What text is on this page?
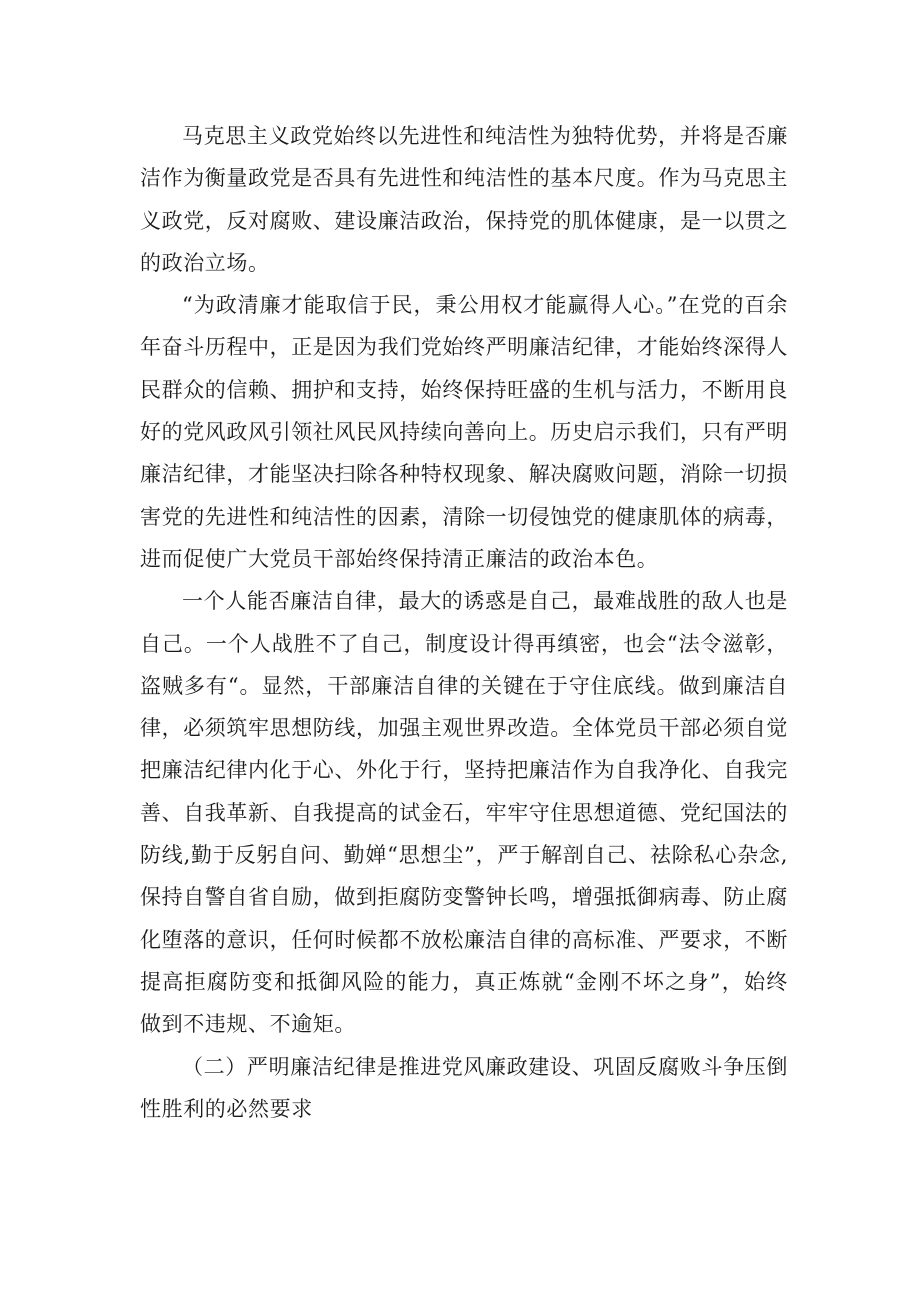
马克思主义政党始终以先进性和纯洁性为独特优势，并将是否廉洁作为衡量政党是否具有先进性和纯洁性的基本尺度。作为马克思主义政党，反对腐败、建设廉洁政治，保持党的肌体健康，是一以贯之的政治立场。

“为政清廉才能取信于民，秉公用权才能赢得人心。”在党的百余年奋斗历程中，正是因为我们党始终严明廉洁纪律，才能始终深得人民群众的信赖、拥护和支持，始终保持旺盛的生机与活力，不断用良好的党风政风引领社风民风持续向善向上。历史启示我们，只有严明廉洁纪律，才能坚决扫除各种特权现象、解决腐败问题，消除一切损害党的先进性和纯洁性的因素，清除一切侵蚀党的健康肌体的病毒，进而促使广大党员干部始终保持清正廉洁的政治本色。

一个人能否廉洁自律，最大的诱惑是自己，最难战胜的敌人也是自己。一个人战胜不了自己，制度设计得再缜密，也会“法令滋彰，盗贼多有“。显然，干部廉洁自律的关键在于守住底线。做到廉洁自律，必须筑牢思想防线，加强主观世界改造。全体党员干部必须自觉把廉洁纪律内化于心、外化于行，坚持把廉洁作为自我净化、自我完善、自我革新、自我提高的试金石，牢牢守住思想道德、党纪国法的防线,勤于反躬自问、勤婵“思想尘”，严于解剖自己、祛除私心杂念,保持自警自省自励，做到拒腐防变警钟长鸣，增强抵御病毒、防止腐化堕落的意识，任何时候都不放松廉洁自律的高标准、严要求，不断提高拒腐防变和抵御风险的能力，真正炼就“金刚不坏之身”，始终做到不违规、不逾矩。

（二）严明廉洁纪律是推进党风廉政建设、巩固反腐败斗争压倒性胜利的必然要求
